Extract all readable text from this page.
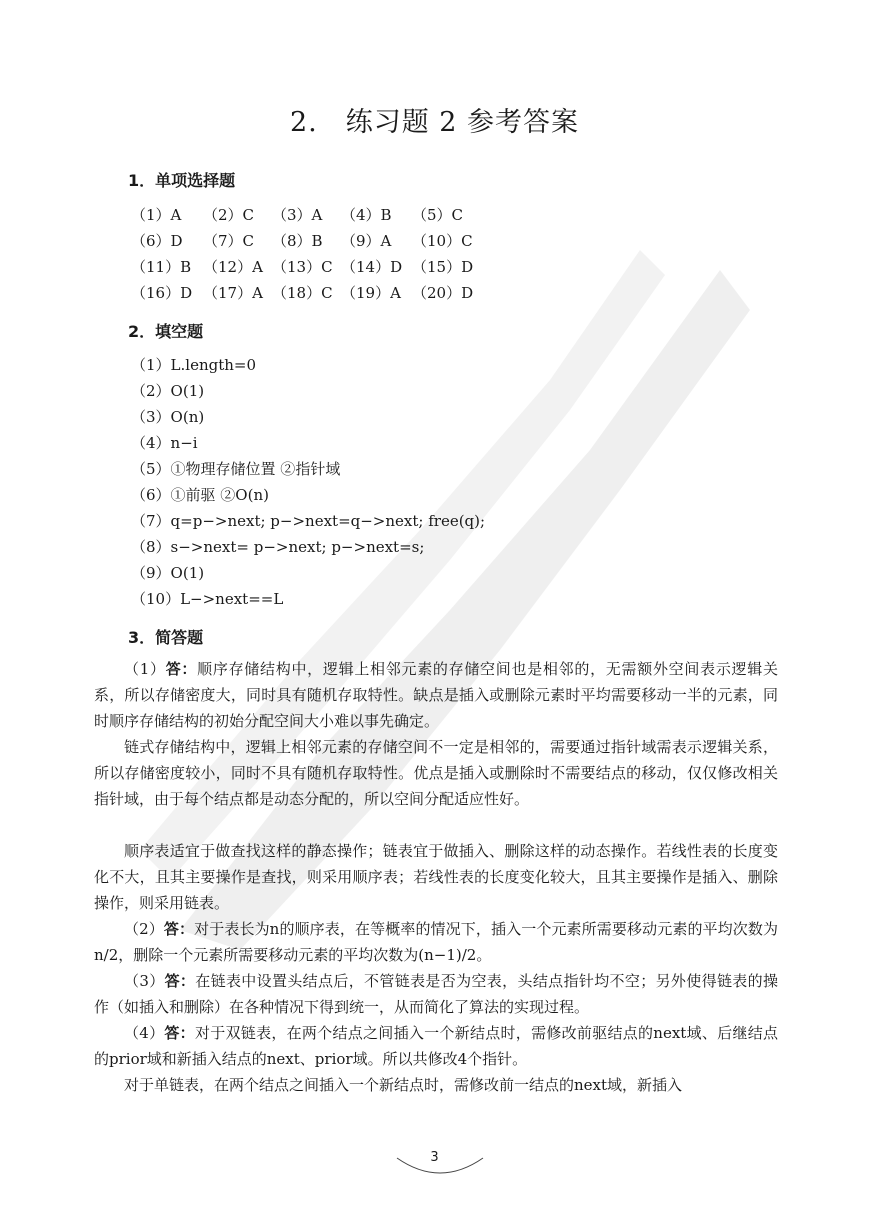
2.　练习题 2 参考答案
1．单项选择题
（1）A （2）C （3）A （4）B （5）C
（6）D （7）C （8）B （9）A （10）C
（11）B （12）A （13）C （14）D （15）D
（16）D （17）A （18）C （19）A （20）D
2．填空题
（1）L.length=0
（2）O(1)
（3）O(n)
（4）n−i
（5）①物理存储位置 ②指针域
（6）①前驱 ②O(n)
（7）q=p−>next; p−>next=q−>next; free(q);
（8）s−>next= p−>next; p−>next=s;
（9）O(1)
（10）L−>next==L
3．简答题

（1）答：顺序存储结构中，逻辑上相邻元素的存储空间也是相邻的，无需额外空间表示逻辑关系，所以存储密度大，同时具有随机存取特性。缺点是插入或删除元素时平均需要移动一半的元素，同时顺序存储结构的初始分配空间大小难以事先确定。

链式存储结构中，逻辑上相邻元素的存储空间不一定是相邻的，需要通过指针域需表示逻辑关系，所以存储密度较小，同时不具有随机存取特性。优点是插入或删除时不需要结点的移动，仅仅修改相关指针域，由于每个结点都是动态分配的，所以空间分配适应性好。

顺序表适宜于做查找这样的静态操作；链表宜于做插入、删除这样的动态操作。若线性表的长度变化不大，且其主要操作是查找，则采用顺序表；若线性表的长度变化较大，且其主要操作是插入、删除操作，则采用链表。

（2）答：对于表长为n的顺序表，在等概率的情况下，插入一个元素所需要移动元素的平均次数为n/2，删除一个元素所需要移动元素的平均次数为(n−1)/2。

（3）答：在链表中设置头结点后，不管链表是否为空表，头结点指针均不空；另外使得链表的操作（如插入和删除）在各种情况下得到统一，从而简化了算法的实现过程。

（4）答：对于双链表，在两个结点之间插入一个新结点时，需修改前驱结点的next域、后继结点的prior域和新插入结点的next、prior域。所以共修改4个指针。

对于单链表，在两个结点之间插入一个新结点时，需修改前一结点的next域，新插入

3
